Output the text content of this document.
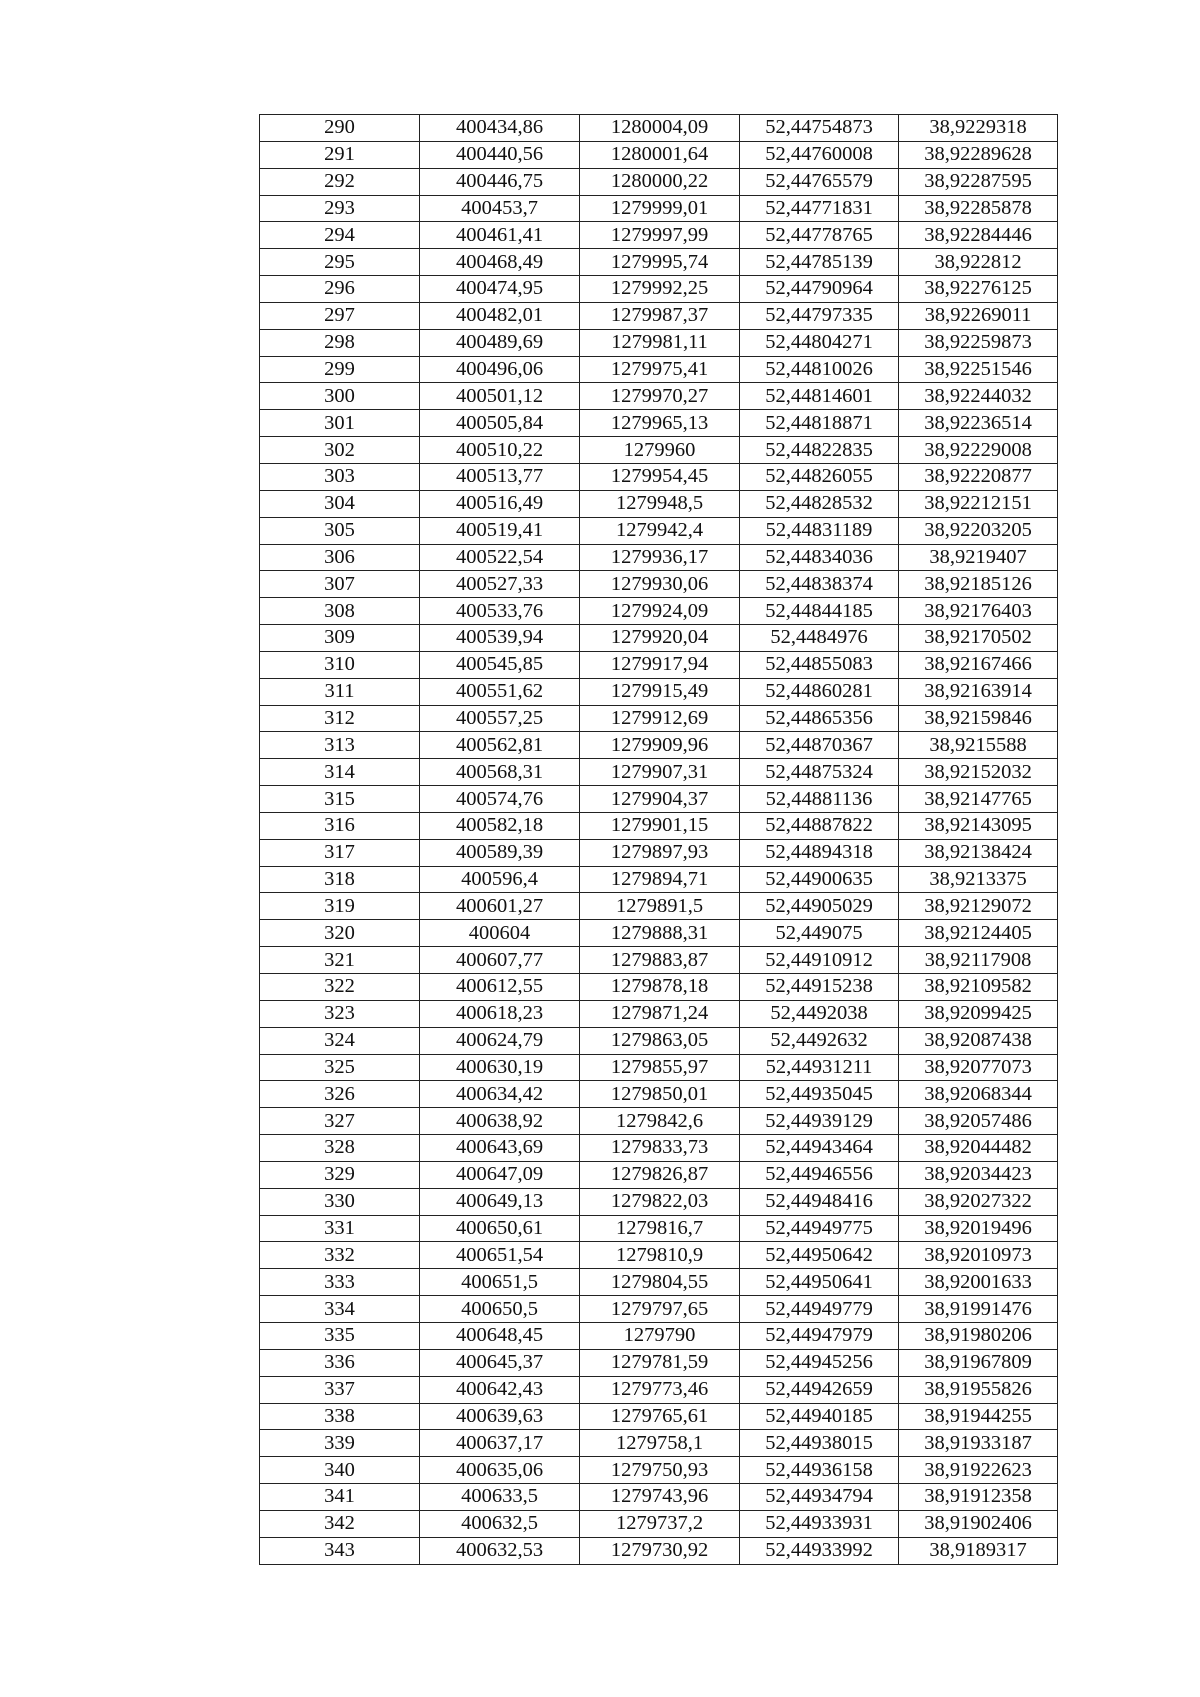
290	400434,86	1280004,09	52,44754873	38,9229318
291	400440,56	1280001,64	52,44760008	38,92289628
292	400446,75	1280000,22	52,44765579	38,92287595
293	400453,7	1279999,01	52,44771831	38,92285878
294	400461,41	1279997,99	52,44778765	38,92284446
295	400468,49	1279995,74	52,44785139	38,922812
296	400474,95	1279992,25	52,44790964	38,92276125
297	400482,01	1279987,37	52,44797335	38,92269011
298	400489,69	1279981,11	52,44804271	38,92259873
299	400496,06	1279975,41	52,44810026	38,92251546
300	400501,12	1279970,27	52,44814601	38,92244032
301	400505,84	1279965,13	52,44818871	38,92236514
302	400510,22	1279960	52,44822835	38,92229008
303	400513,77	1279954,45	52,44826055	38,92220877
304	400516,49	1279948,5	52,44828532	38,92212151
305	400519,41	1279942,4	52,44831189	38,92203205
306	400522,54	1279936,17	52,44834036	38,9219407
307	400527,33	1279930,06	52,44838374	38,92185126
308	400533,76	1279924,09	52,44844185	38,92176403
309	400539,94	1279920,04	52,4484976	38,92170502
310	400545,85	1279917,94	52,44855083	38,92167466
311	400551,62	1279915,49	52,44860281	38,92163914
312	400557,25	1279912,69	52,44865356	38,92159846
313	400562,81	1279909,96	52,44870367	38,9215588
314	400568,31	1279907,31	52,44875324	38,92152032
315	400574,76	1279904,37	52,44881136	38,92147765
316	400582,18	1279901,15	52,44887822	38,92143095
317	400589,39	1279897,93	52,44894318	38,92138424
318	400596,4	1279894,71	52,44900635	38,9213375
319	400601,27	1279891,5	52,44905029	38,92129072
320	400604	1279888,31	52,449075	38,92124405
321	400607,77	1279883,87	52,44910912	38,92117908
322	400612,55	1279878,18	52,44915238	38,92109582
323	400618,23	1279871,24	52,4492038	38,92099425
324	400624,79	1279863,05	52,4492632	38,92087438
325	400630,19	1279855,97	52,44931211	38,92077073
326	400634,42	1279850,01	52,44935045	38,92068344
327	400638,92	1279842,6	52,44939129	38,92057486
328	400643,69	1279833,73	52,44943464	38,92044482
329	400647,09	1279826,87	52,44946556	38,92034423
330	400649,13	1279822,03	52,44948416	38,92027322
331	400650,61	1279816,7	52,44949775	38,92019496
332	400651,54	1279810,9	52,44950642	38,92010973
333	400651,5	1279804,55	52,44950641	38,92001633
334	400650,5	1279797,65	52,44949779	38,91991476
335	400648,45	1279790	52,44947979	38,91980206
336	400645,37	1279781,59	52,44945256	38,91967809
337	400642,43	1279773,46	52,44942659	38,91955826
338	400639,63	1279765,61	52,44940185	38,91944255
339	400637,17	1279758,1	52,44938015	38,91933187
340	400635,06	1279750,93	52,44936158	38,91922623
341	400633,5	1279743,96	52,44934794	38,91912358
342	400632,5	1279737,2	52,44933931	38,91902406
343	400632,53	1279730,92	52,44933992	38,9189317
